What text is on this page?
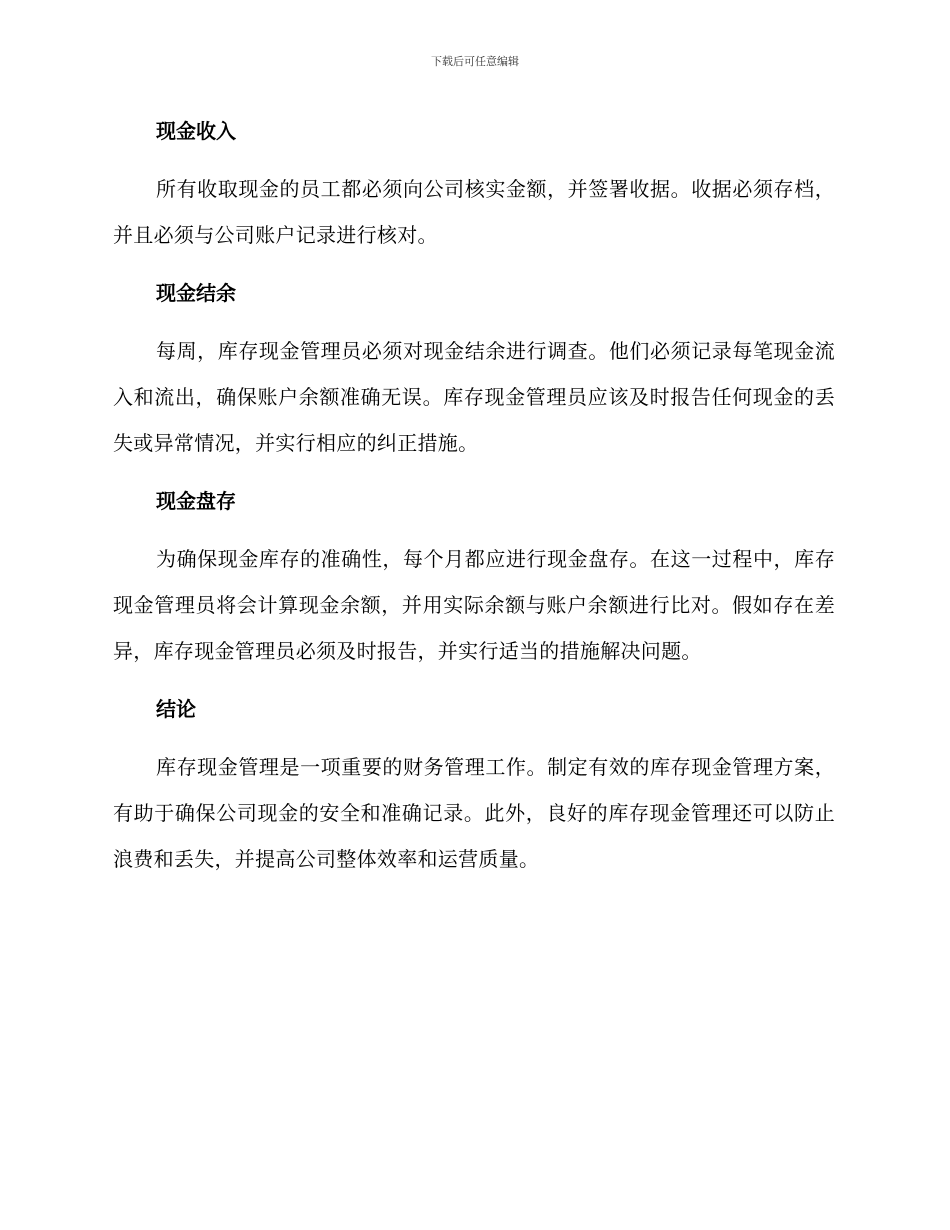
下载后可任意编辑
现金收入

所有收取现金的员工都必须向公司核实金额，并签署收据。收据必须存档，并且必须与公司账户记录进行核对。

现金结余

每周，库存现金管理员必须对现金结余进行调查。他们必须记录每笔现金流入和流出，确保账户余额准确无误。库存现金管理员应该及时报告任何现金的丢失或异常情况，并实行相应的纠正措施。

现金盘存

为确保现金库存的准确性，每个月都应进行现金盘存。在这一过程中，库存现金管理员将会计算现金余额，并用实际余额与账户余额进行比对。假如存在差异，库存现金管理员必须及时报告，并实行适当的措施解决问题。

结论

库存现金管理是一项重要的财务管理工作。制定有效的库存现金管理方案，有助于确保公司现金的安全和准确记录。此外，良好的库存现金管理还可以防止浪费和丢失，并提高公司整体效率和运营质量。
